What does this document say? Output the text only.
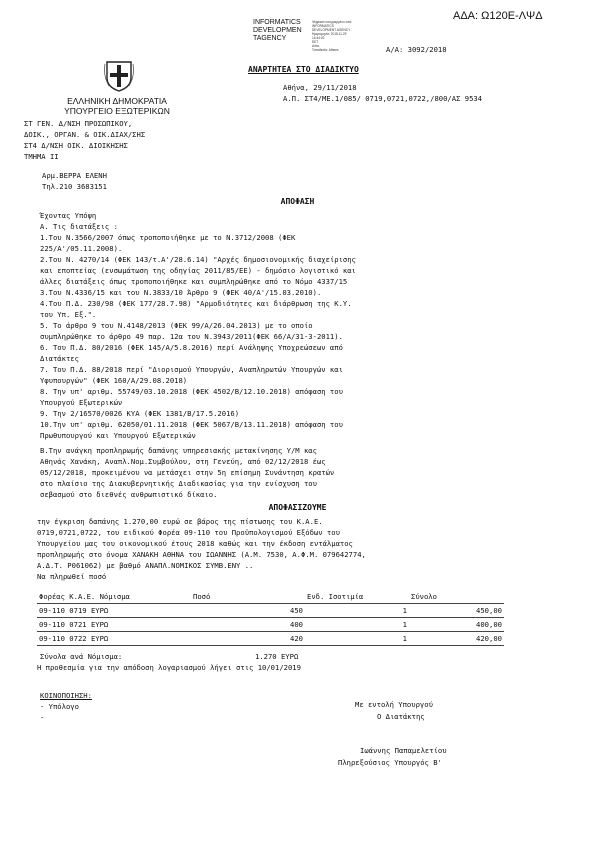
ΑΔΑ: Ω120Ε-ΛΨΔ
INFORMATICS
DEVELOPMEN
TAGENCY
Ψηφιακά υπογραμμένο από
INFORMATICS
DEVELOPMENT AGENCY
Ημερομηνία: 2018.11.29
14:44:02
EET
Αιτία:
Τοποθεσία: Athens	Α/Α: 3092/2018
ΑΝΑΡΤΗΤΕΑ ΣΤΟ ΔΙΑΔΙΚΤΥΟ
ΕΛΛΗΝΙΚΗ ΔΗΜΟΚΡΑΤΙΑ
ΥΠΟΥΡΓΕΙΟ ΕΞΩΤΕΡΙΚΩΝ
ΣΤ ΓΕΝ. Δ/ΝΣΗ ΠΡΟΣΩΠΙΚΟΥ,
ΔΟΙΚ., ΟΡΓΑΝ. & ΟΙΚ.ΔΙΑΧ/ΣΗΣ
ΣΤ4 Δ/ΝΣΗ ΟΙΚ. ΔΙΟΙΚΗΣΗΣ
ΤΜΗΜΑ ΙΙ
Αθήνα, 29/11/2018
Α.Π. ΣΤ4/ΜΕ.1/085/ 0719,0721,0722,/800/ΑΣ 9534
Αρμ.ΒΕΡΡΑ ΕΛΕΝΗ
Τηλ.210 3683151
ΑΠΟΦΑΣΗ
Έχοντας Υπόψη
Α. Τις διατάξεις :
1.Του Ν.3566/2007 όπως τροποποιήθηκε με το Ν.3712/2008 (ΦΕΚ
225/Α'/05.11.2008).
2.Του Ν. 4270/14 (ΦΕΚ 143/τ.Α'/28.6.14) "Αρχές δημοσιονομικής διαχείρισης
και εποπτείας (ενσωμάτωση της οδηγίας 2011/85/ΕΕ) - δημόσιο λογιστικό και
άλλες διατάξεις όπως τροποποιήθηκε και συμπληρώθηκε από το Νόμο 4337/15
3.Του Ν.4336/15 και του Ν.3833/10 Άρθρο 9 (ΦΕΚ 40/Α'/15.03.2010).
4.Του Π.Δ. 230/98 (ΦΕΚ 177/28.7.98) "Αρμοδιότητες και διάρθρωση της Κ.Υ.
του Υπ. Εξ.".
5. Το άρθρο 9 του Ν.4148/2013 (ΦΕΚ 99/Α/26.04.2013) με το οποίο
συμπληρώθηκε το άρθρο 49 παρ. 12α του Ν.3943/2011(ΦΕΚ 66/Α/31-3-2011).
6. Του Π.Δ. 80/2016 (ΦΕΚ 145/Α/5.8.2016) περί Ανάληψης Υποχρεώσεων από
Διατάκτες
7. Του Π.Δ. 88/2018 περί "Διορισμού Υπουργών, Αναπληρωτών Υπουργών και
Υφυπουργών" (ΦΕΚ 160/Α/29.08.2018)
8. Την υπ' αριθμ. 55749/03.10.2018 (ΦΕΚ 4502/Β/12.10.2018) απόφαση του
Υπουργού Εξωτερικών
9. Την 2/16570/0026 ΚΥΑ (ΦΕΚ 1381/Β/17.5.2016)
10.Την υπ' αριθμ. 62050/01.11.2018 (ΦΕΚ 5067/Β/13.11.2018) απόφαση του
Πρωθυπουργού και Υπουργού Εξωτερικών
Β.Την ανάγκη προπληρωμής δαπάνης υπηρεσιακής μετακίνησης Υ/Μ κας
Αθηνάς Χανάκη, Αναπλ.Νομ.Συμβούλου, στη Γενεύη, από 02/12/2018 έως
05/12/2018, προκειμένου να μετάσχει στην 5η επίσημη Συνάντηση κρατών
στο πλαίσιο της Διακυβερνητικής Διαδικασίας για την ενίσχυση του
σεβασμού στο διεθνές ανθρωπιστικό δίκαιο.
ΑΠΟΦΑΣΙΖΟΥΜΕ
την έγκριση δαπάνης 1.270,00 ευρώ σε βάρος της πίστωσης του Κ.Α.Ε.
0719,0721,0722, του ειδικού Φορέα 09-110 του Προϋπολογισμού Εξόδων του
Υπουργείου μας του οικονομικού έτους 2018 καθώς και την έκδοση εντάλματος
προπληρωμής στο όνομα ΧΑΝΑΚΗ ΑΘΗΝΑ του ΙΩΑΝΝΗΣ (Α.Μ. 7530, Α.Φ.Μ. 079642774,
Α.Δ.Τ. Ρ061062) με βαθμό ΑΝΑΠΛ.ΝΟΜΙΚΟΣ ΣΥΜΒ.ΕΝΥ ..
Να πληρωθεί ποσό
Φορέας Κ.Α.Ε. Νόμισμα	Ποσό	Ενδ. Ισοτιμία	Σύνολο
09-110 0719 ΕΥΡΩ	450	1	450,00
09-110 0721 ΕΥΡΩ	400	1	400,00
09-110 0722 ΕΥΡΩ	420	1	420,00
Σύνολα ανά Νόμισμα:	1.270 ΕΥΡΩ
Η προθεσμία για την απόδοση λογαριασμού λήγει στις 10/01/2019
ΚΟΙΝΟΠΟΙΗΣΗ:
- Υπόλογο
-
Με εντολή Υπουργού
Ο Διατάκτης
Ιωάννης Παπαμελετίου
Πληρεξούσιος Υπουργός Β'
